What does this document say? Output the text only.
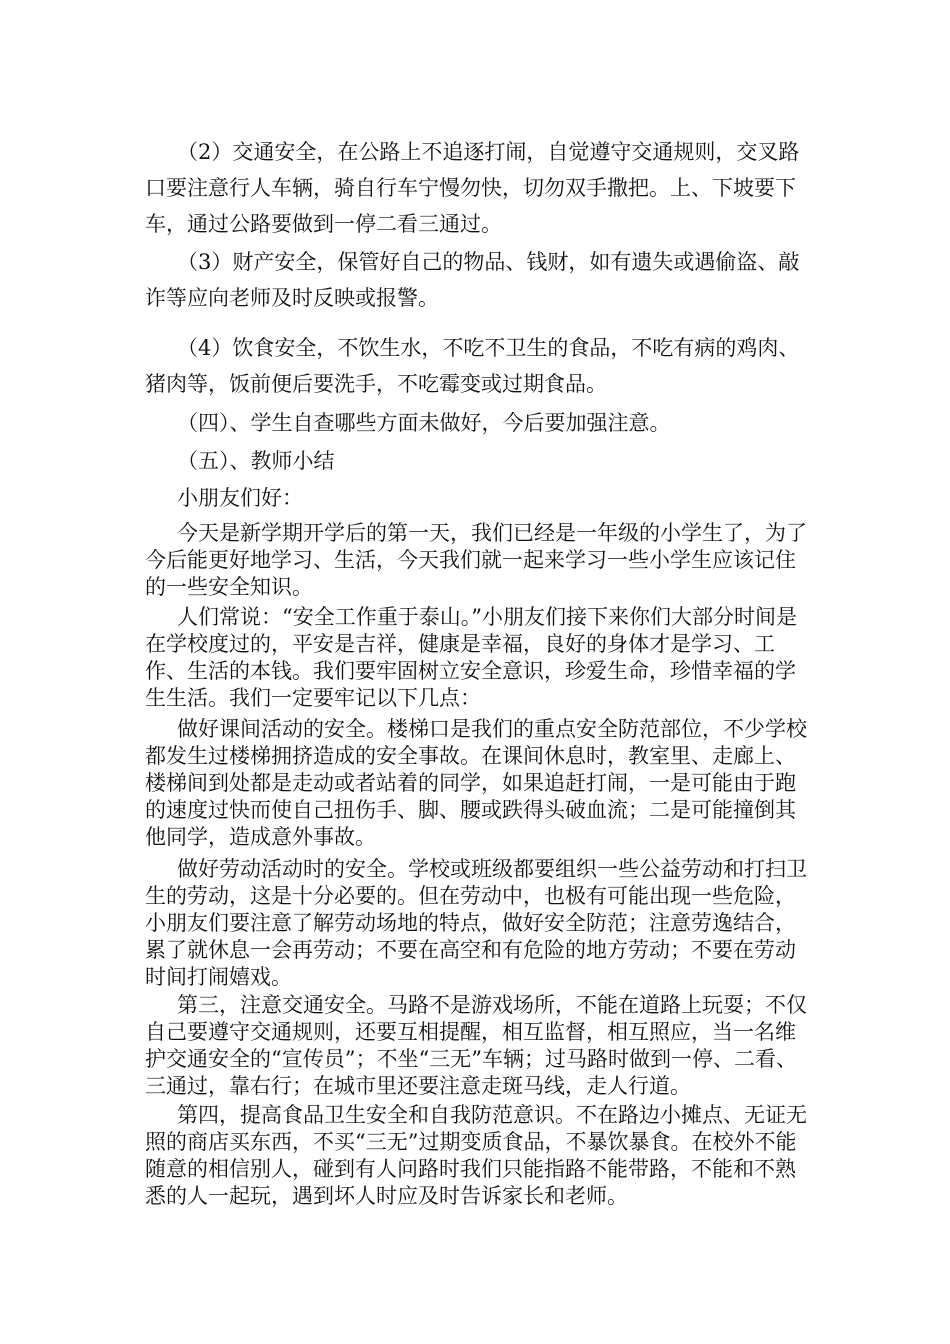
（2）交通安全，在公路上不追逐打闹，自觉遵守交通规则，交叉路口要注意行人车辆，骑自行车宁慢勿快，切勿双手撒把。上、下坡要下车，通过公路要做到一停二看三通过。

（3）财产安全，保管好自己的物品、钱财，如有遗失或遇偷盗、敲诈等应向老师及时反映或报警。

（4）饮食安全，不饮生水，不吃不卫生的食品，不吃有病的鸡肉、猪肉等，饭前便后要洗手，不吃霉变或过期食品。

（四）、学生自查哪些方面未做好，今后要加强注意。

（五）、教师小结

小朋友们好：

今天是新学期开学后的第一天，我们已经是一年级的小学生了，为了今后能更好地学习、生活，今天我们就一起来学习一些小学生应该记住的一些安全知识。

人们常说：“安全工作重于泰山。”小朋友们接下来你们大部分时间是在学校度过的，平安是吉祥，健康是幸福，良好的身体才是学习、工作、生活的本钱。我们要牢固树立安全意识，珍爱生命，珍惜幸福的学生生活。我们一定要牢记以下几点：

做好课间活动的安全。楼梯口是我们的重点安全防范部位，不少学校都发生过楼梯拥挤造成的安全事故。在课间休息时，教室里、走廊上、楼梯间到处都是走动或者站着的同学，如果追赶打闹，一是可能由于跑的速度过快而使自己扭伤手、脚、腰或跌得头破血流；二是可能撞倒其他同学，造成意外事故。

做好劳动活动时的安全。学校或班级都要组织一些公益劳动和打扫卫生的劳动，这是十分必要的。但在劳动中，也极有可能出现一些危险，小朋友们要注意了解劳动场地的特点，做好安全防范；注意劳逸结合，累了就休息一会再劳动；不要在高空和有危险的地方劳动；不要在劳动时间打闹嬉戏。

第三，注意交通安全。马路不是游戏场所，不能在道路上玩耍；不仅自己要遵守交通规则，还要互相提醒，相互监督，相互照应，当一名维护交通安全的“宣传员”；不坐“三无”车辆；过马路时做到一停、二看、三通过，靠右行；在城市里还要注意走斑马线，走人行道。

第四，提高食品卫生安全和自我防范意识。不在路边小摊点、无证无照的商店买东西，不买“三无”过期变质食品，不暴饮暴食。在校外不能随意的相信别人，碰到有人问路时我们只能指路不能带路，不能和不熟悉的人一起玩，遇到坏人时应及时告诉家长和老师。
